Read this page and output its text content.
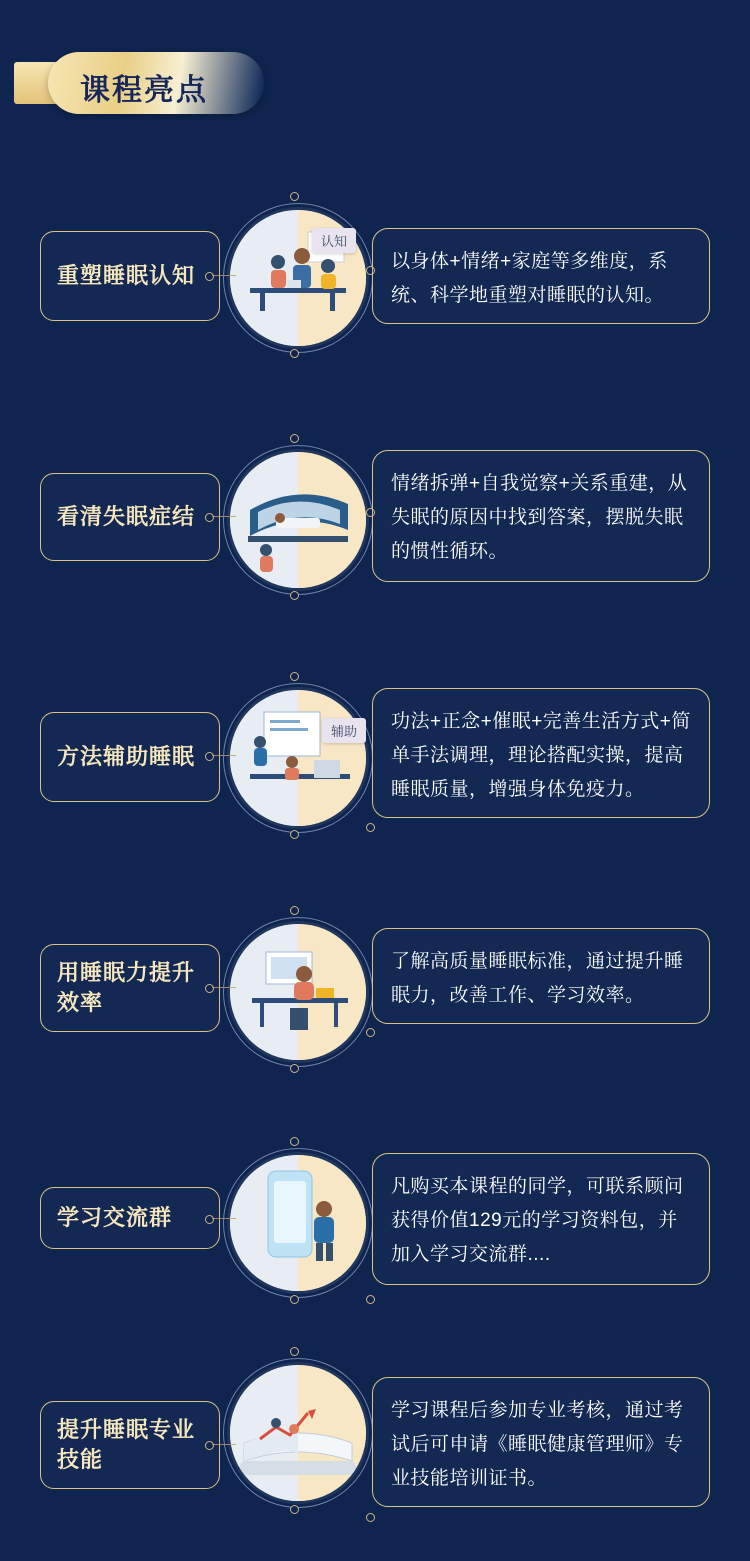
课程亮点
认知
重塑睡眠认知
以身体+情绪+家庭等多维度，系统、科学地重塑对睡眠的认知。
看清失眠症结
情绪拆弹+自我觉察+关系重建，从失眠的原因中找到答案，摆脱失眠的惯性循环。
辅助
方法辅助睡眠
功法+正念+催眠+完善生活方式+简单手法调理，理论搭配实操，提高睡眠质量，增强身体免疫力。
用睡眠力提升效率
了解高质量睡眠标准，通过提升睡眠力，改善工作、学习效率。
学习交流群
凡购买本课程的同学，可联系顾问获得价值129元的学习资料包，并加入学习交流群....
提升睡眠专业技能
学习课程后参加专业考核，通过考试后可申请《睡眠健康管理师》专业技能培训证书。
